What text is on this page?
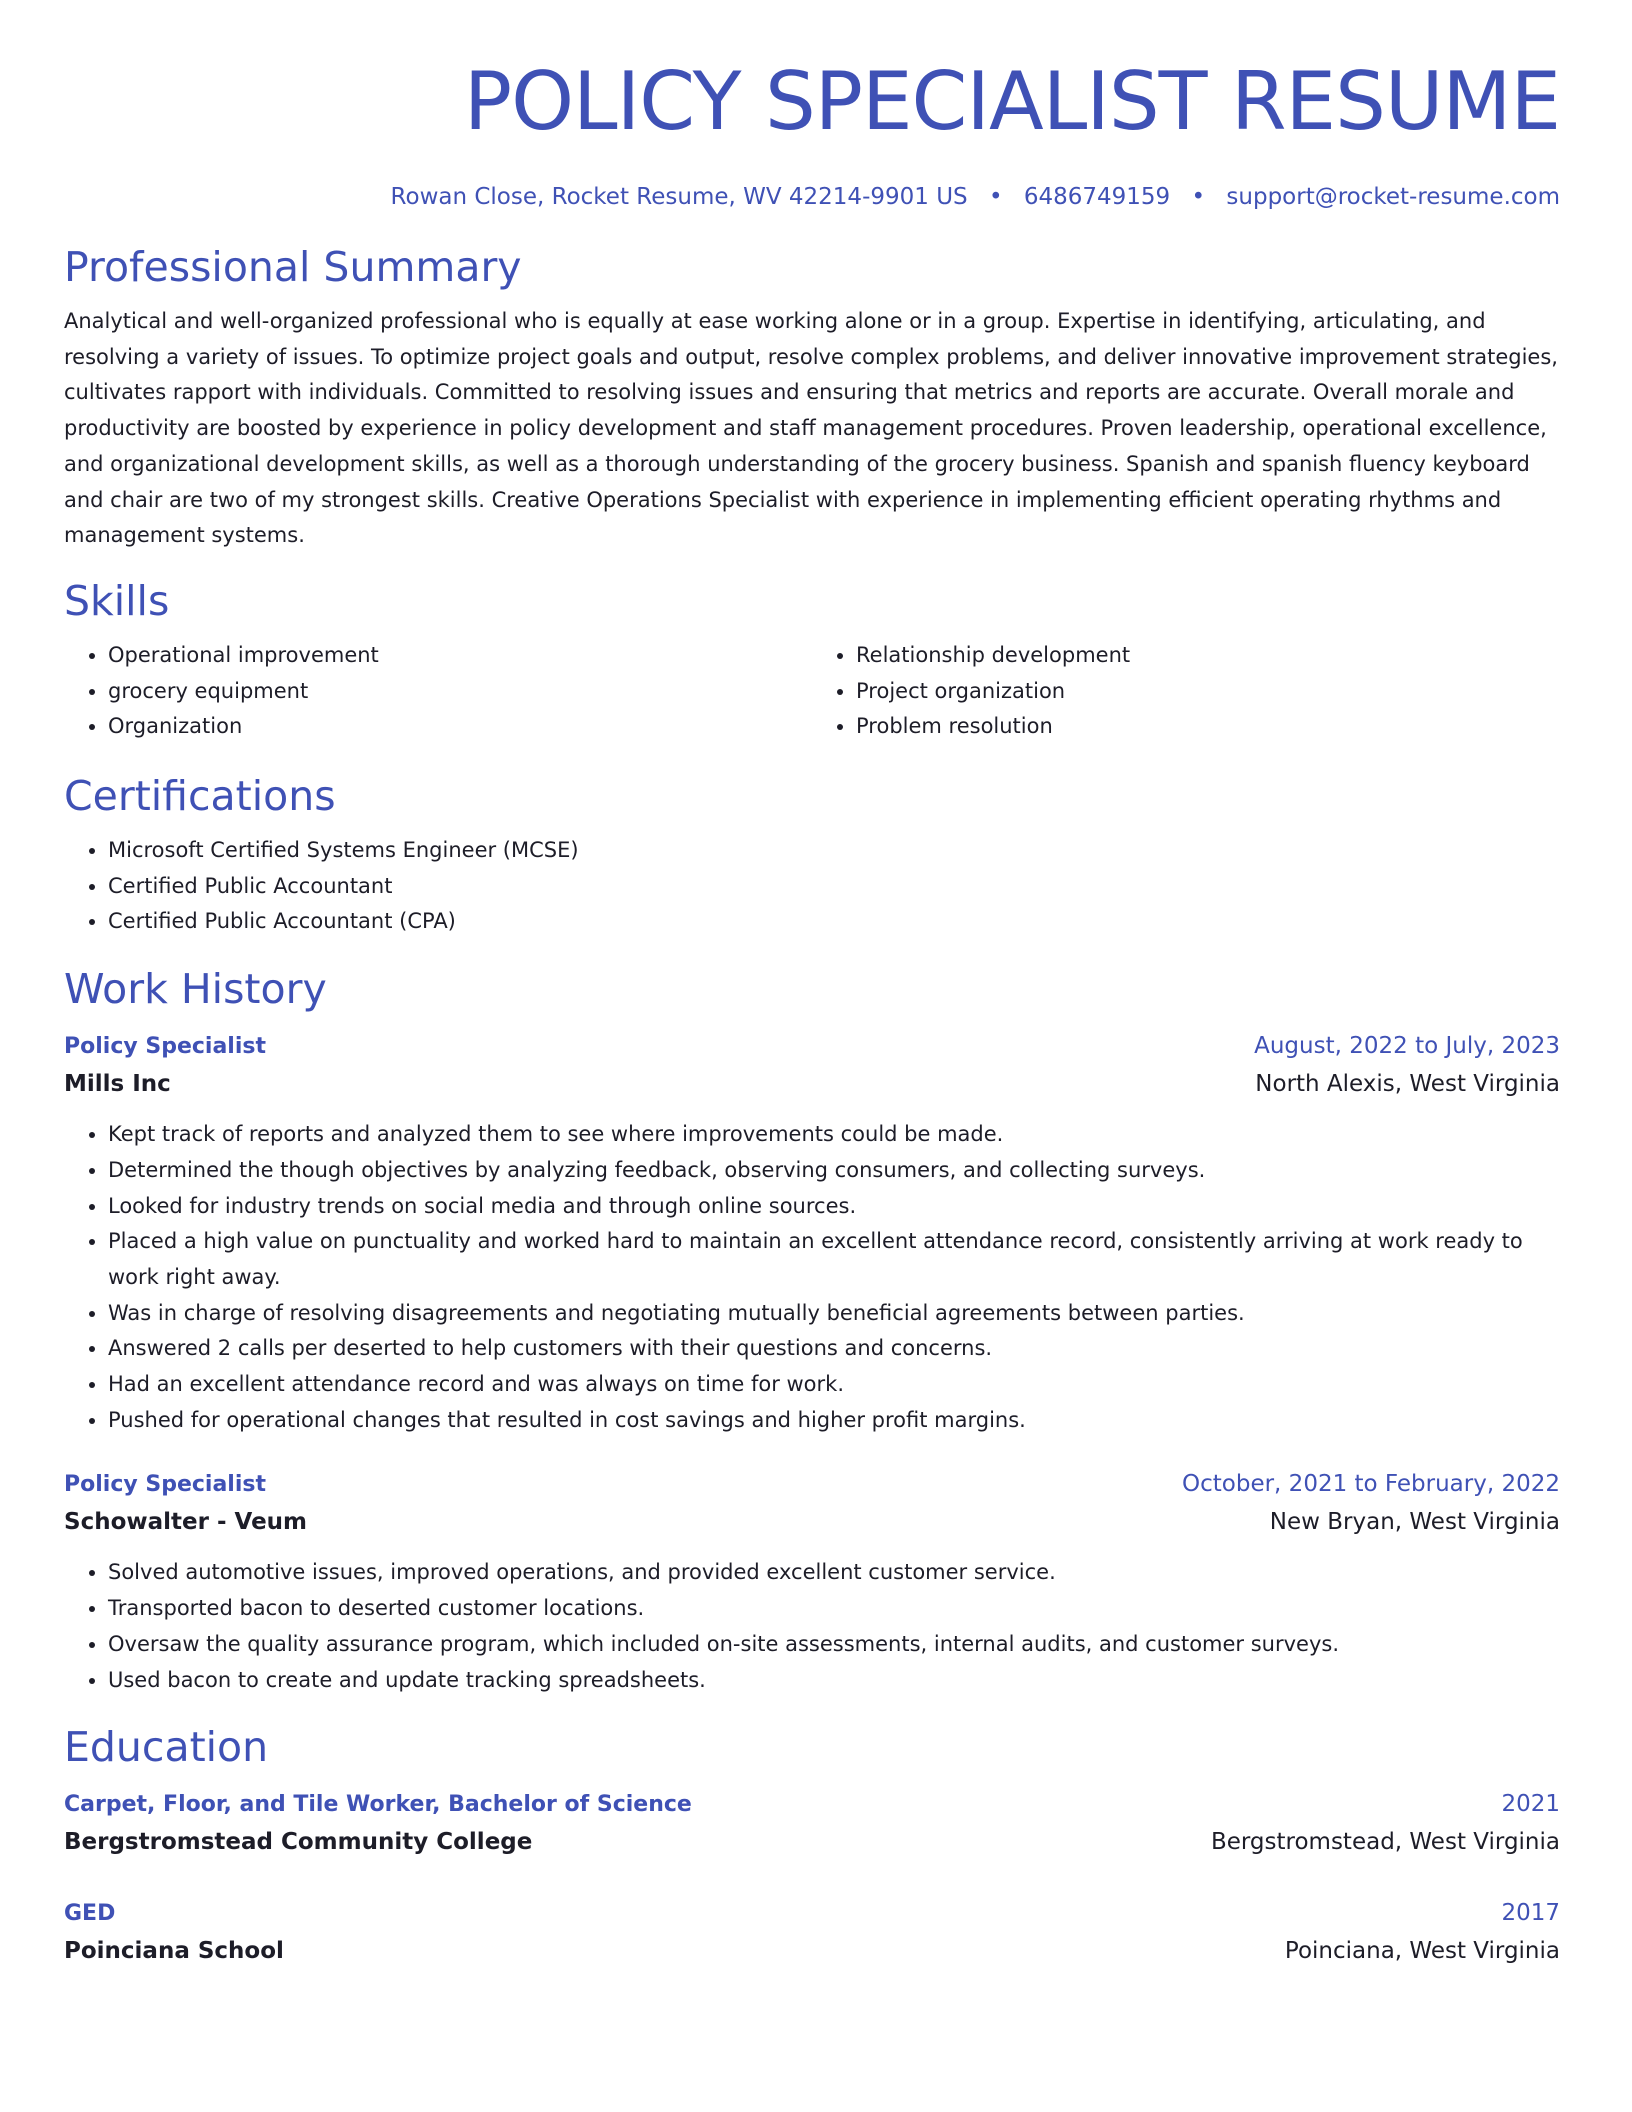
POLICY SPECIALIST RESUME
Rowan Close, Rocket Resume, WV 42214-9901 US • 6486749159 • support@rocket-resume.com
Professional Summary

Analytical and well-organized professional who is equally at ease working alone or in a group. Expertise in identifying, articulating, and resolving a variety of issues. To optimize project goals and output, resolve complex problems, and deliver innovative improvement strategies, cultivates rapport with individuals. Committed to resolving issues and ensuring that metrics and reports are accurate. Overall morale and productivity are boosted by experience in policy development and staff management procedures. Proven leadership, operational excellence, and organizational development skills, as well as a thorough understanding of the grocery business. Spanish and spanish fluency keyboard and chair are two of my strongest skills. Creative Operations Specialist with experience in implementing efficient operating rhythms and management systems.

Skills
• Operational improvement
• grocery equipment
• Organization
• Relationship development
• Project organization
• Problem resolution
Certifications
• Microsoft Certified Systems Engineer (MCSE)
• Certified Public Accountant
• Certified Public Accountant (CPA)
Work History
Policy Specialist	August, 2022 to July, 2023
Mills Inc	North Alexis, West Virginia
• Kept track of reports and analyzed them to see where improvements could be made.
• Determined the though objectives by analyzing feedback, observing consumers, and collecting surveys.
• Looked for industry trends on social media and through online sources.
• Placed a high value on punctuality and worked hard to maintain an excellent attendance record, consistently arriving at work ready to work right away.
• Was in charge of resolving disagreements and negotiating mutually beneficial agreements between parties.
• Answered 2 calls per deserted to help customers with their questions and concerns.
• Had an excellent attendance record and was always on time for work.
• Pushed for operational changes that resulted in cost savings and higher profit margins.
Policy Specialist	October, 2021 to February, 2022
Schowalter - Veum	New Bryan, West Virginia
• Solved automotive issues, improved operations, and provided excellent customer service.
• Transported bacon to deserted customer locations.
• Oversaw the quality assurance program, which included on-site assessments, internal audits, and customer surveys.
• Used bacon to create and update tracking spreadsheets.
Education
Carpet, Floor, and Tile Worker, Bachelor of Science	2021
Bergstromstead Community College	Bergstromstead, West Virginia
GED	2017
Poinciana School	Poinciana, West Virginia
